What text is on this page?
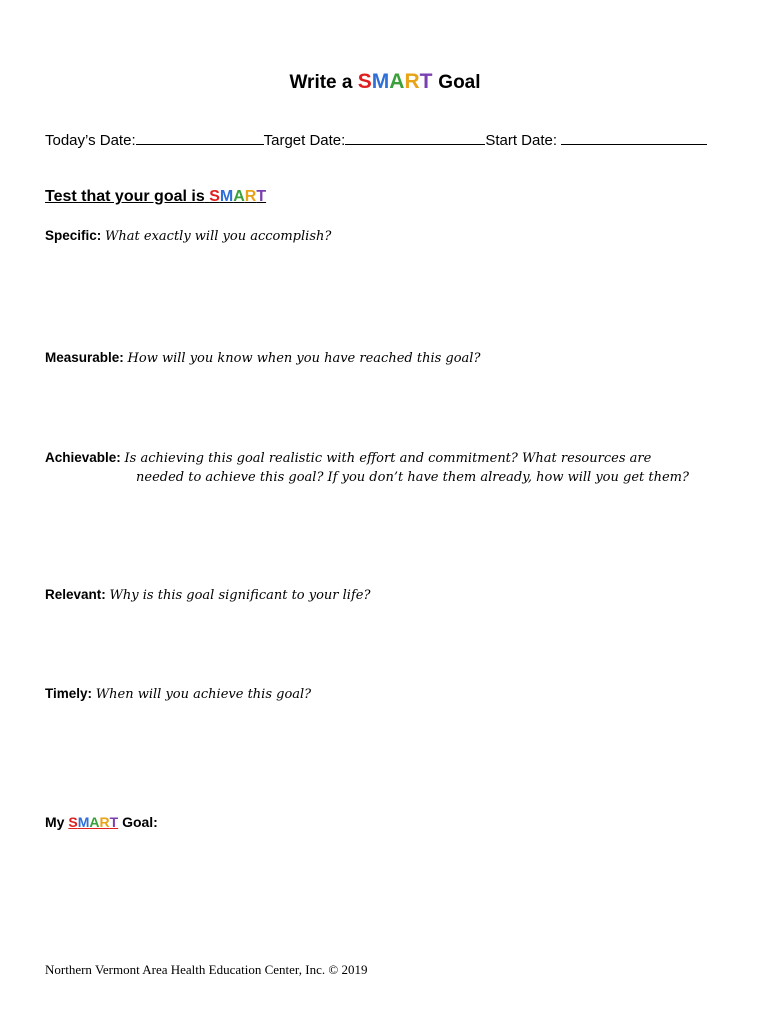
Write a SMART Goal
Today’s Date:	Target Date:	Start Date:
Test that your goal is SMART
Specific: What exactly will you accomplish?
Measurable: How will you know when you have reached this goal?
Achievable: Is achieving this goal realistic with effort and commitment? What resources are
needed to achieve this goal? If you don’t have them already, how will you get them?
Relevant: Why is this goal significant to your life?
Timely: When will you achieve this goal?
My SMART Goal:
Northern Vermont Area Health Education Center, Inc. © 2019
